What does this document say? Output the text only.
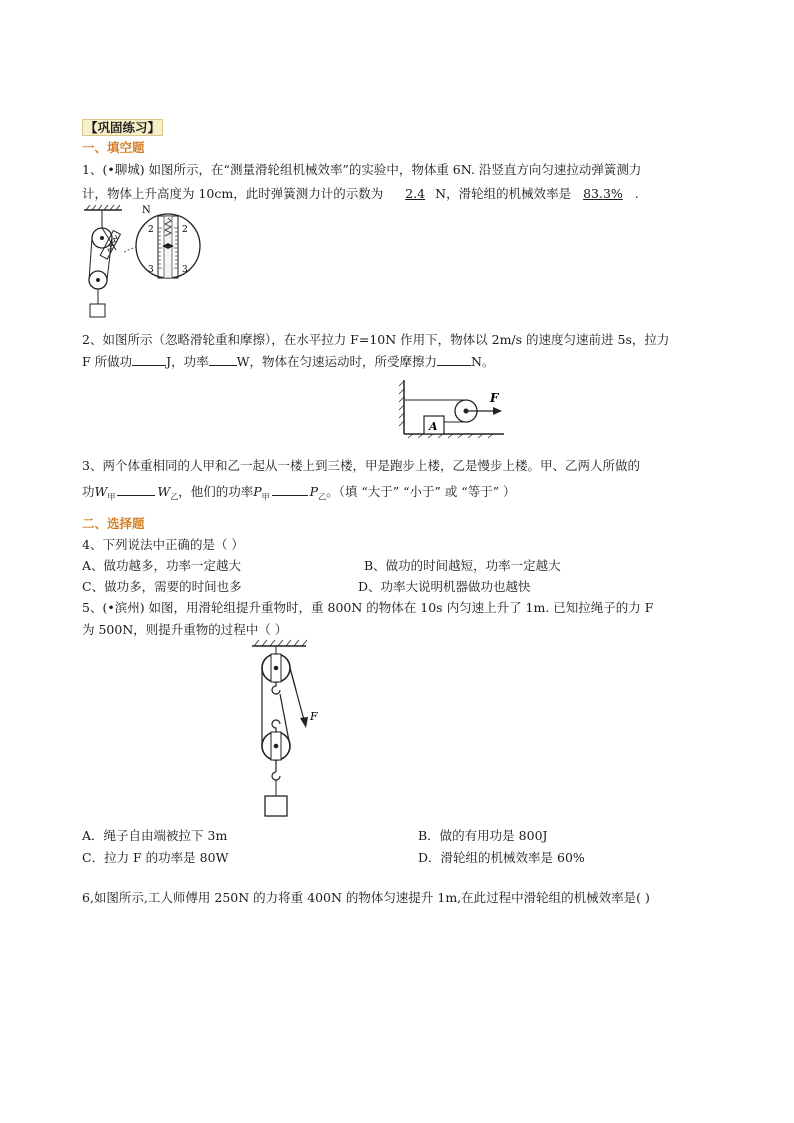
【巩固练习】
一、填空题
1、(•聊城) 如图所示，在“测量滑轮组机械效率”的实验中，物体重 6N. 沿竖直方向匀速拉动弹簧测力
计，物体上升高度为 10cm，此时弹簧测力计的示数为 2.4 N，滑轮组的机械效率是 83.3% .
N
2	2
3	3
2、如图所示（忽略滑轮重和摩擦），在水平拉力 F=10N 作用下，物体以 2m/s 的速度匀速前进 5s，拉力
F 所做功	J，功率 W，物体在匀速运动时，所受摩擦力	N。
A
F
3、两个体重相同的人甲和乙一起从一楼上到三楼，甲是跑步上楼，乙是慢步上楼。甲、乙两人所做的
功$W_甲$	$W_乙$，他们的功率$P_甲$	$P_乙$。（填 “大于” “小于” 或 “等于” ）
二、选择题
4、下列说法中正确的是（ ）
A、做功越多，功率一定越大	B、做功的时间越短，功率一定越大
C、做功多，需要的时间也多	D、功率大说明机器做功也越快
5、(•滨州) 如图，用滑轮组提升重物时，重 800N 的物体在 10s 内匀速上升了 1m. 已知拉绳子的力 F
为 500N，则提升重物的过程中（ ）
F
A．绳子自由端被拉下 3m	B．做的有用功是 800J
C．拉力 F 的功率是 80W	D．滑轮组的机械效率是 60%
6,如图所示,工人师傅用 250N 的力将重 400N 的物体匀速提升 1m,在此过程中滑轮组的机械效率是( )
